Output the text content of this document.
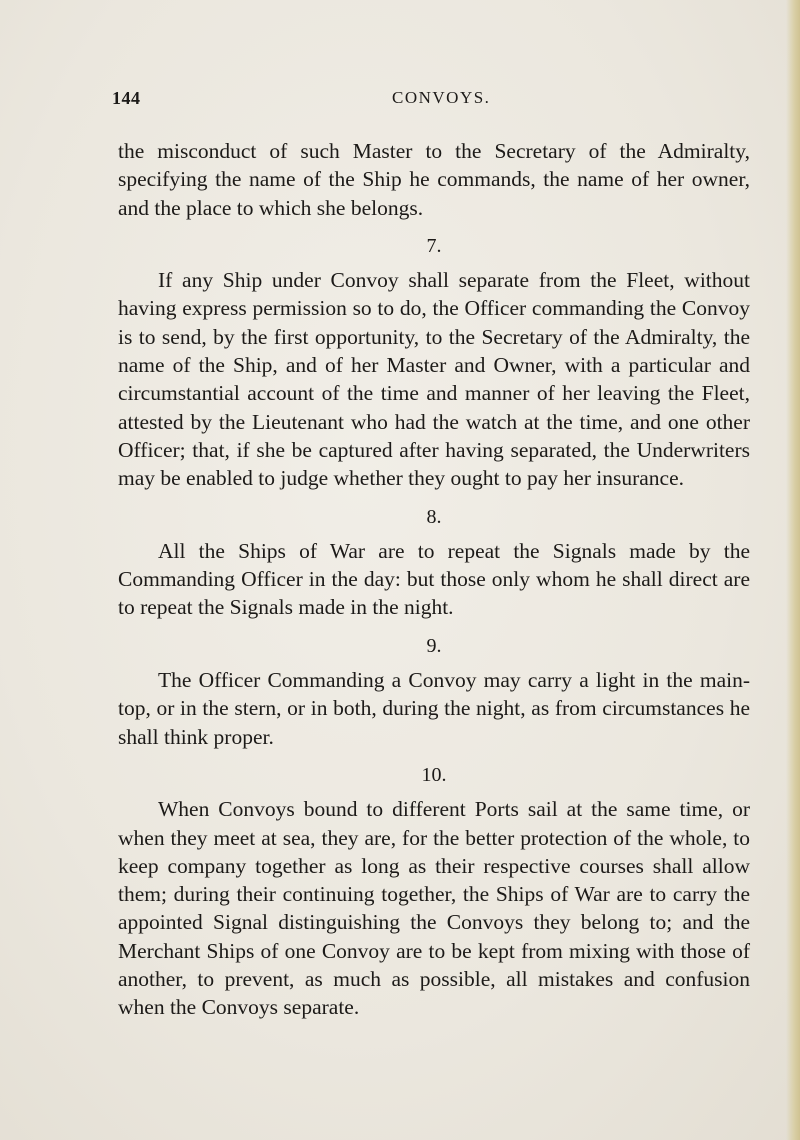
144	CONVOYS.

the misconduct of such Master to the Secretary of the Admiralty, specifying the name of the Ship he commands, the name of her owner, and the place to which she belongs.

7.

If any Ship under Convoy shall separate from the Fleet, without having express permission so to do, the Officer commanding the Convoy is to send, by the first opportunity, to the Secretary of the Admiralty, the name of the Ship, and of her Master and Owner, with a particular and circumstantial account of the time and manner of her leaving the Fleet, attested by the Lieutenant who had the watch at the time, and one other Officer; that, if she be captured after having separated, the Underwriters may be enabled to judge whether they ought to pay her insurance.

8.

All the Ships of War are to repeat the Signals made by the Commanding Officer in the day: but those only whom he shall direct are to repeat the Signals made in the night.

9.

The Officer Commanding a Convoy may carry a light in the main-top, or in the stern, or in both, during the night, as from circumstances he shall think proper.

10.

When Convoys bound to different Ports sail at the same time, or when they meet at sea, they are, for the better protection of the whole, to keep company together as long as their respective courses shall allow them; during their continuing together, the Ships of War are to carry the appointed Signal distinguishing the Convoys they belong to; and the Merchant Ships of one Convoy are to be kept from mixing with those of another, to prevent, as much as possible, all mistakes and confusion when the Convoys separate.
